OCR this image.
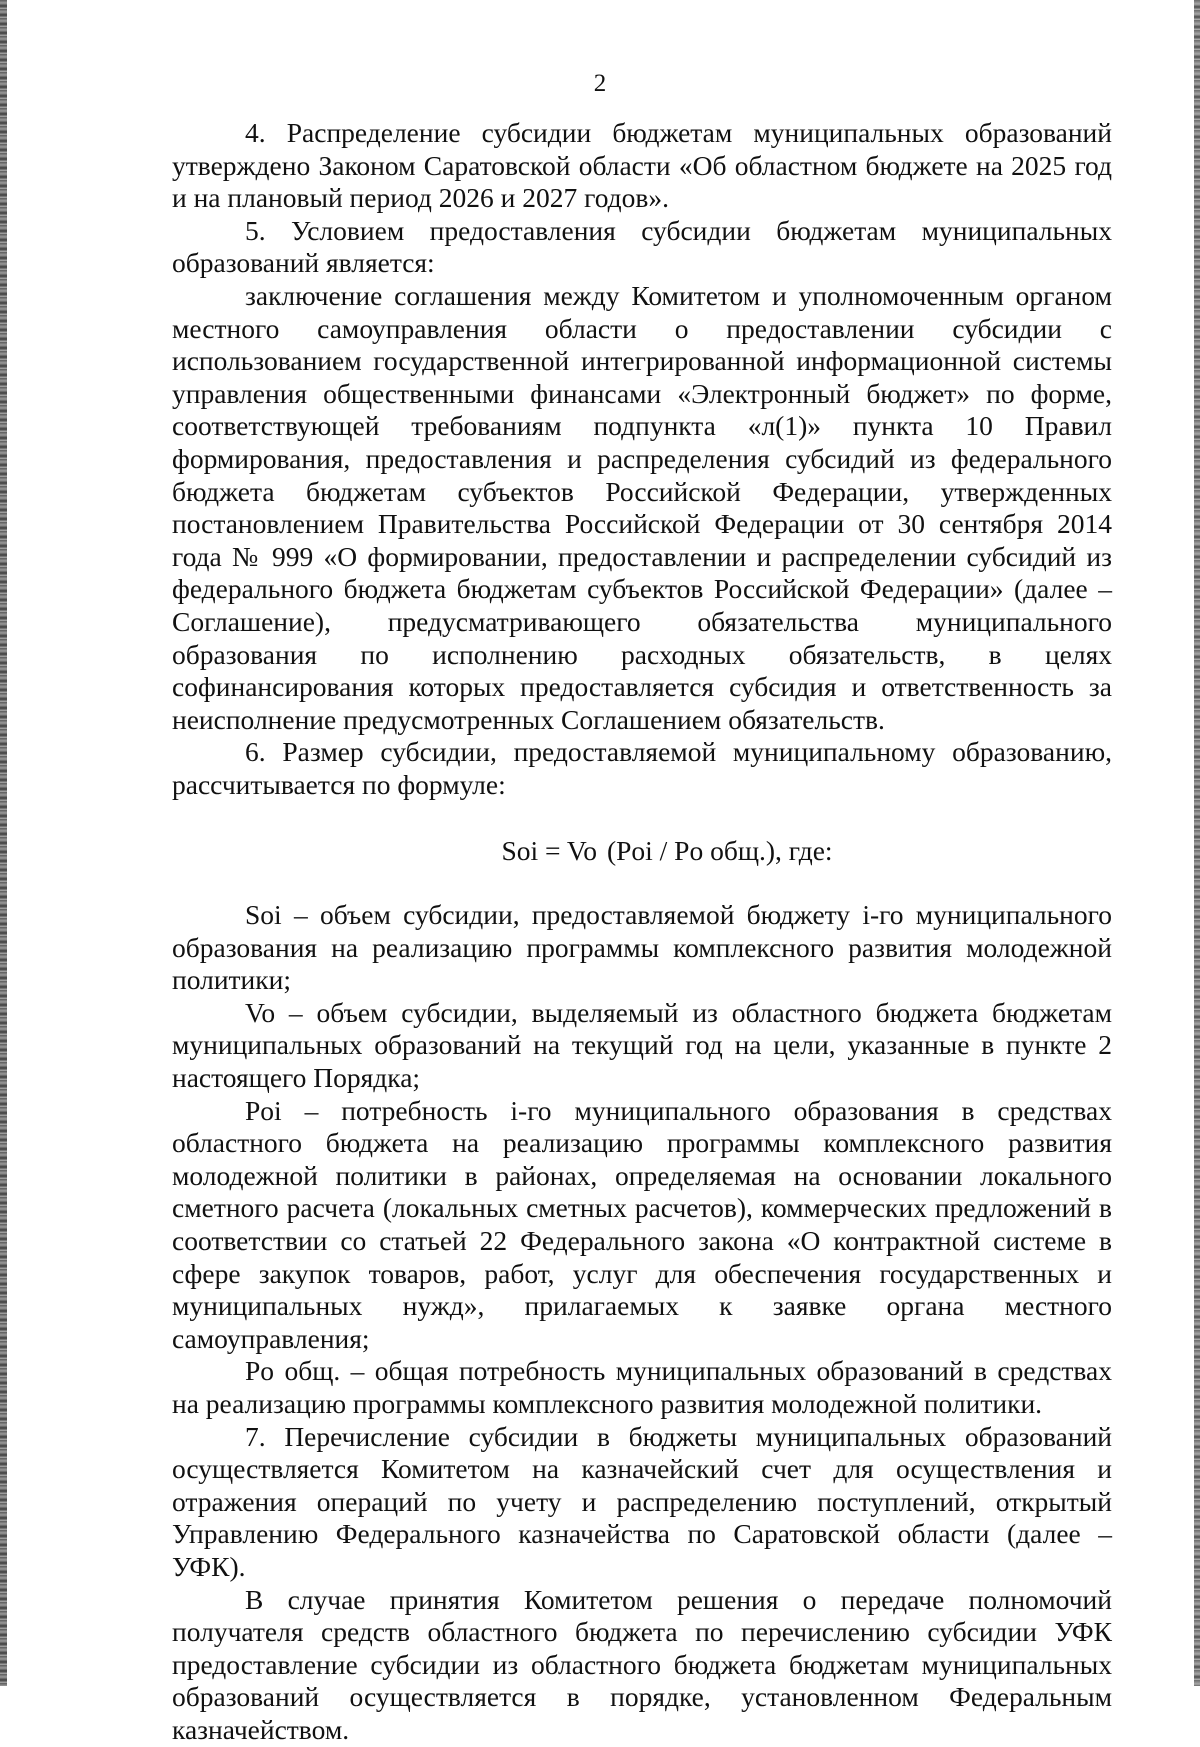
2

4. Распределение субсидии бюджетам муниципальных образований утверждено Законом Саратовской области «Об областном бюджете на 2025 год и на плановый период 2026 и 2027 годов».

5. Условием предоставления субсидии бюджетам муниципальных образований является:

заключение соглашения между Комитетом и уполномоченным органом местного самоуправления области о предоставлении субсидии с использованием государственной интегрированной информационной системы управления общественными финансами «Электронный бюджет» по форме, соответствующей требованиям подпункта «л(1)» пункта 10 Правил формирования, предоставления и распределения субсидий из федерального бюджета бюджетам субъектов Российской Федерации, утвержденных постановлением Правительства Российской Федерации от 30 сентября 2014 года № 999 «О формировании, предоставлении и распределении субсидий из федерального бюджета бюджетам субъектов Российской Федерации» (далее – Соглашение), предусматривающего обязательства муниципального образования по исполнению расходных обязательств, в целях софинансирования которых предоставляется субсидия и ответственность за неисполнение предусмотренных Соглашением обязательств.

6. Размер субсидии, предоставляемой муниципальному образованию, рассчитывается по формуле:

Soi = Vo (Poi / Po общ.), где:

Soi – объем субсидии, предоставляемой бюджету i-го муниципального образования на реализацию программы комплексного развития молодежной политики;

Vo – объем субсидии, выделяемый из областного бюджета бюджетам муниципальных образований на текущий год на цели, указанные в пункте 2 настоящего Порядка;

Poi – потребность i-го муниципального образования в средствах областного бюджета на реализацию программы комплексного развития молодежной политики в районах, определяемая на основании локального сметного расчета (локальных сметных расчетов), коммерческих предложений в соответствии со статьей 22 Федерального закона «О контрактной системе в сфере закупок товаров, работ, услуг для обеспечения государственных и муниципальных нужд», прилагаемых к заявке органа местного самоуправления;

Po общ. – общая потребность муниципальных образований в средствах на реализацию программы комплексного развития молодежной политики.

7. Перечисление субсидии в бюджеты муниципальных образований осуществляется Комитетом на казначейский счет для осуществления и отражения операций по учету и распределению поступлений, открытый Управлению Федерального казначейства по Саратовской области (далее – УФК).

В случае принятия Комитетом решения о передаче полномочий получателя средств областного бюджета по перечислению субсидии УФК предоставление субсидии из областного бюджета бюджетам муниципальных образований осуществляется в порядке, установленном Федеральным казначейством.
